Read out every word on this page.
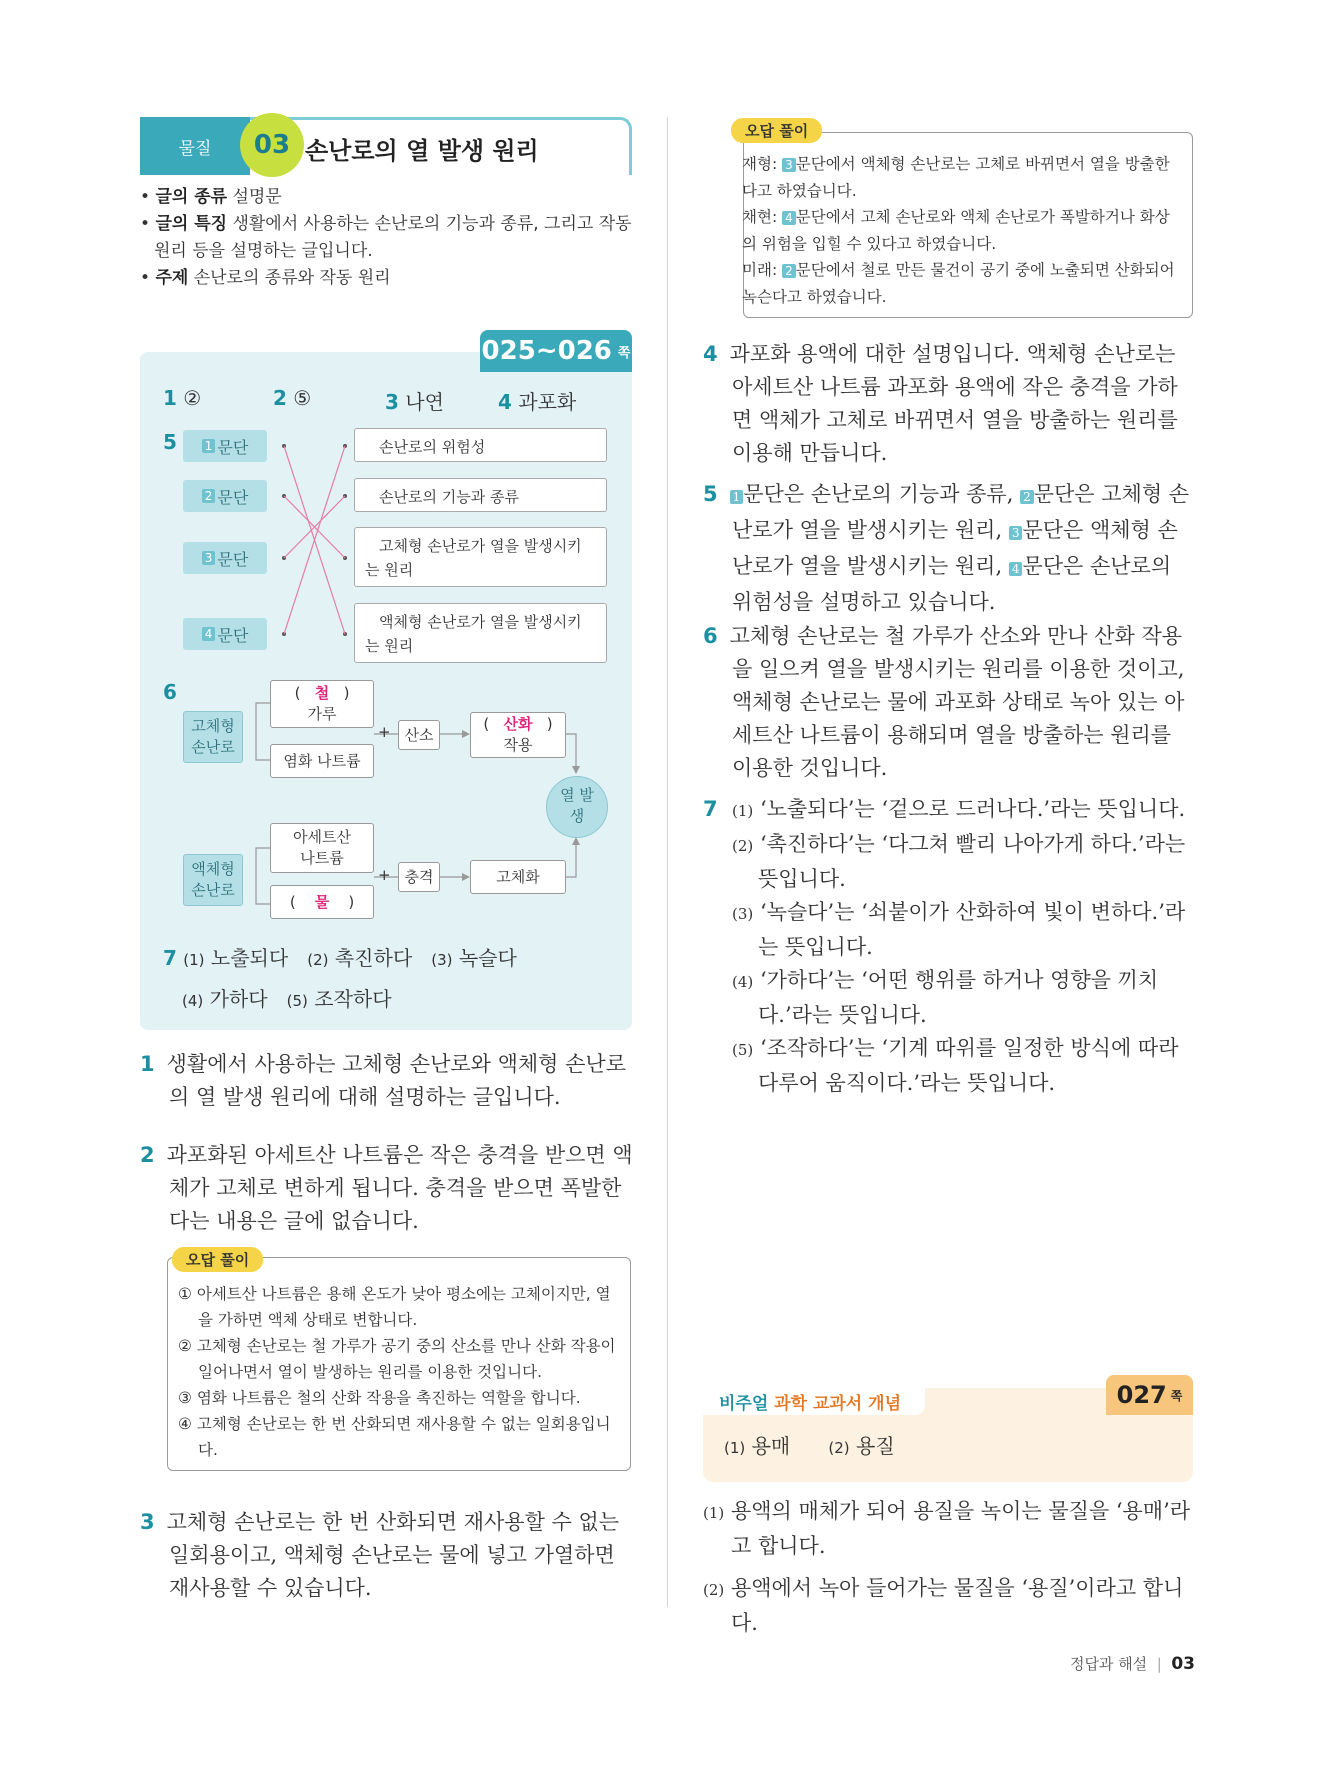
물질	03 손난로의 열 발생 원리
• 글의 종류 설명문
• 글의 특징 생활에서 사용하는 손난로의 기능과 종류, 그리고 작동 원리 등을 설명하는 글입니다.
• 주제 손난로의 종류와 작동 원리
025~026 쪽
1 ②	2 ⑤	3 나연	4 과포화
5 1 문단
2 문단
3 문단
4 문단
손난로의 위험성
손난로의 기능과 종류
고체형 손난로가 열을 발생시키는 원리
액체형 손난로가 열을 발생시키는 원리
6
고체형 손난로
( 철 )
가루
염화 나트륨
+ 산소
( 산화 )
작용
열 발생
액체형 손난로
아세트산 나트륨
( 물 )
+ 충격	고체화
7 (1) 노출되다 (2) 촉진하다 (3) 녹슬다
(4) 가하다 (5) 조작하다
1 생활에서 사용하는 고체형 손난로와 액체형 손난로의 열 발생 원리에 대해 설명하는 글입니다.
2 과포화된 아세트산 나트륨은 작은 충격을 받으면 액체가 고체로 변하게 됩니다. 충격을 받으면 폭발한다는 내용은 글에 없습니다.
오답 풀이
① 아세트산 나트륨은 용해 온도가 낮아 평소에는 고체이지만, 열을 가하면 액체 상태로 변합니다.
② 고체형 손난로는 철 가루가 공기 중의 산소를 만나 산화 작용이 일어나면서 열이 발생하는 원리를 이용한 것입니다.
③ 염화 나트륨은 철의 산화 작용을 촉진하는 역할을 합니다.
④ 고체형 손난로는 한 번 산화되면 재사용할 수 없는 일회용입니다.
3 고체형 손난로는 한 번 산화되면 재사용할 수 없는 일회용이고, 액체형 손난로는 물에 넣고 가열하면 재사용할 수 있습니다.
오답 풀이
재형: 3 문단에서 액체형 손난로는 고체로 바뀌면서 열을 방출한다고 하였습니다.
채현: 4 문단에서 고체 손난로와 액체 손난로가 폭발하거나 화상의 위험을 입힐 수 있다고 하였습니다.
미래: 2 문단에서 철로 만든 물건이 공기 중에 노출되면 산화되어 녹슨다고 하였습니다.
4 과포화 용액에 대한 설명입니다. 액체형 손난로는 아세트산 나트륨 과포화 용액에 작은 충격을 가하면 액체가 고체로 바뀌면서 열을 방출하는 원리를 이용해 만듭니다.
5 1 문단은 손난로의 기능과 종류, 2 문단은 고체형 손난로가 열을 발생시키는 원리, 3 문단은 액체형 손난로가 열을 발생시키는 원리, 4 문단은 손난로의 위험성을 설명하고 있습니다.
6 고체형 손난로는 철 가루가 산소와 만나 산화 작용을 일으켜 열을 발생시키는 원리를 이용한 것이고, 액체형 손난로는 물에 과포화 상태로 녹아 있는 아세트산 나트륨이 용해되며 열을 방출하는 원리를 이용한 것입니다.
7 (1) ‘노출되다’는 ‘겉으로 드러나다.’라는 뜻입니다.
(2) ‘촉진하다’는 ‘다그쳐 빨리 나아가게 하다.’라는 뜻입니다.
(3) ‘녹슬다’는 ‘쇠붙이가 산화하여 빛이 변하다.’라는 뜻입니다.
(4) ‘가하다’는 ‘어떤 행위를 하거나 영향을 끼치다.’라는 뜻입니다.
(5) ‘조작하다’는 ‘기계 따위를 일정한 방식에 따라 다루어 움직이다.’라는 뜻입니다.
비주얼 과학 교과서 개념	027 쪽
(1) 용매	(2) 용질
(1) 용액의 매체가 되어 용질을 녹이는 물질을 ‘용매’라고 합니다.
(2) 용액에서 녹아 들어가는 물질을 ‘용질’이라고 합니다.
정답과 해설 | 03
